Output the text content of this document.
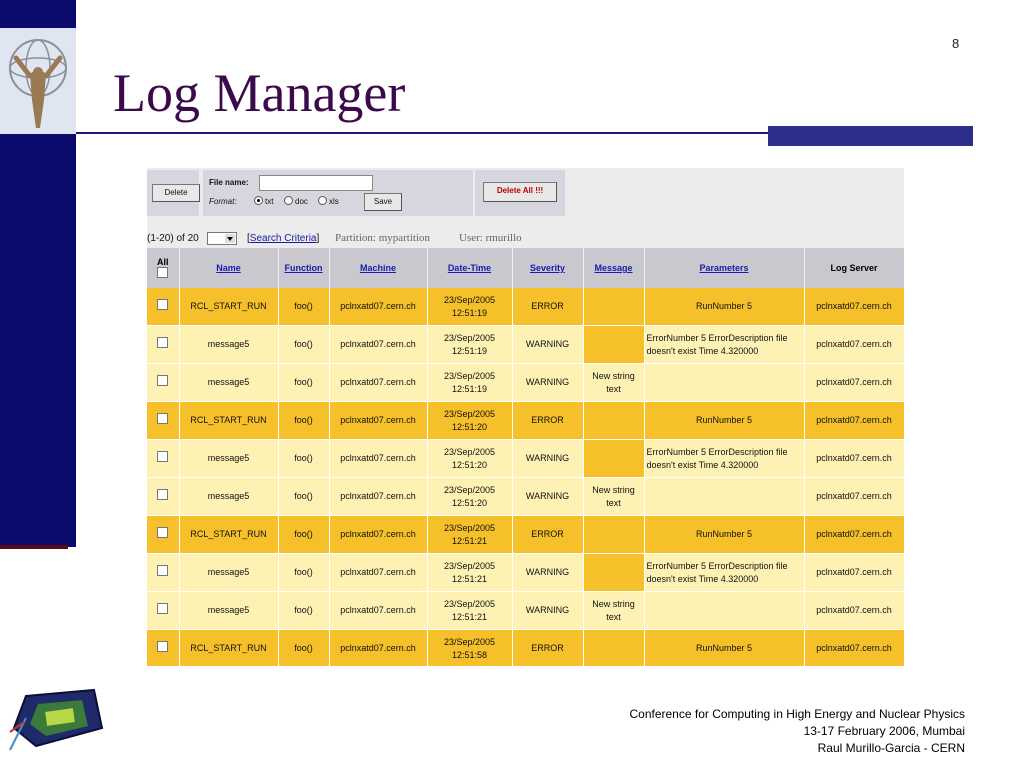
8
Log Manager
Delete
File name:
Format:	txt	doc	xls	Save
Delete All !!!
(1-20) of 20	[Search Criteria] Partition: mypartition	User: rmurillo
All	Name	Function	Machine	Date-Time	Severity	Message	Parameters	Log Server
	RCL_START_RUN	foo()	pclnxatd07.cern.ch	23/Sep/2005
12:51:19	ERROR		RunNumber 5	pclnxatd07.cern.ch
	message5	foo()	pclnxatd07.cern.ch	23/Sep/2005
12:51:19	WARNING		ErrorNumber 5 ErrorDescription file doesn't exist Time 4.320000	pclnxatd07.cern.ch
	message5	foo()	pclnxatd07.cern.ch	23/Sep/2005
12:51:19	WARNING	New string text		pclnxatd07.cern.ch
	RCL_START_RUN	foo()	pclnxatd07.cern.ch	23/Sep/2005
12:51:20	ERROR		RunNumber 5	pclnxatd07.cern.ch
	message5	foo()	pclnxatd07.cern.ch	23/Sep/2005
12:51:20	WARNING		ErrorNumber 5 ErrorDescription file doesn't exist Time 4.320000	pclnxatd07.cern.ch
	message5	foo()	pclnxatd07.cern.ch	23/Sep/2005
12:51:20	WARNING	New string text		pclnxatd07.cern.ch
	RCL_START_RUN	foo()	pclnxatd07.cern.ch	23/Sep/2005
12:51:21	ERROR		RunNumber 5	pclnxatd07.cern.ch
	message5	foo()	pclnxatd07.cern.ch	23/Sep/2005
12:51:21	WARNING		ErrorNumber 5 ErrorDescription file doesn't exist Time 4.320000	pclnxatd07.cern.ch
	message5	foo()	pclnxatd07.cern.ch	23/Sep/2005
12:51:21	WARNING	New string text		pclnxatd07.cern.ch
	RCL_START_RUN	foo()	pclnxatd07.cern.ch	23/Sep/2005
12:51:58	ERROR		RunNumber 5	pclnxatd07.cern.ch
Conference for Computing in High Energy and Nuclear Physics
13-17 February 2006, Mumbai
Raul Murillo-Garcia - CERN
